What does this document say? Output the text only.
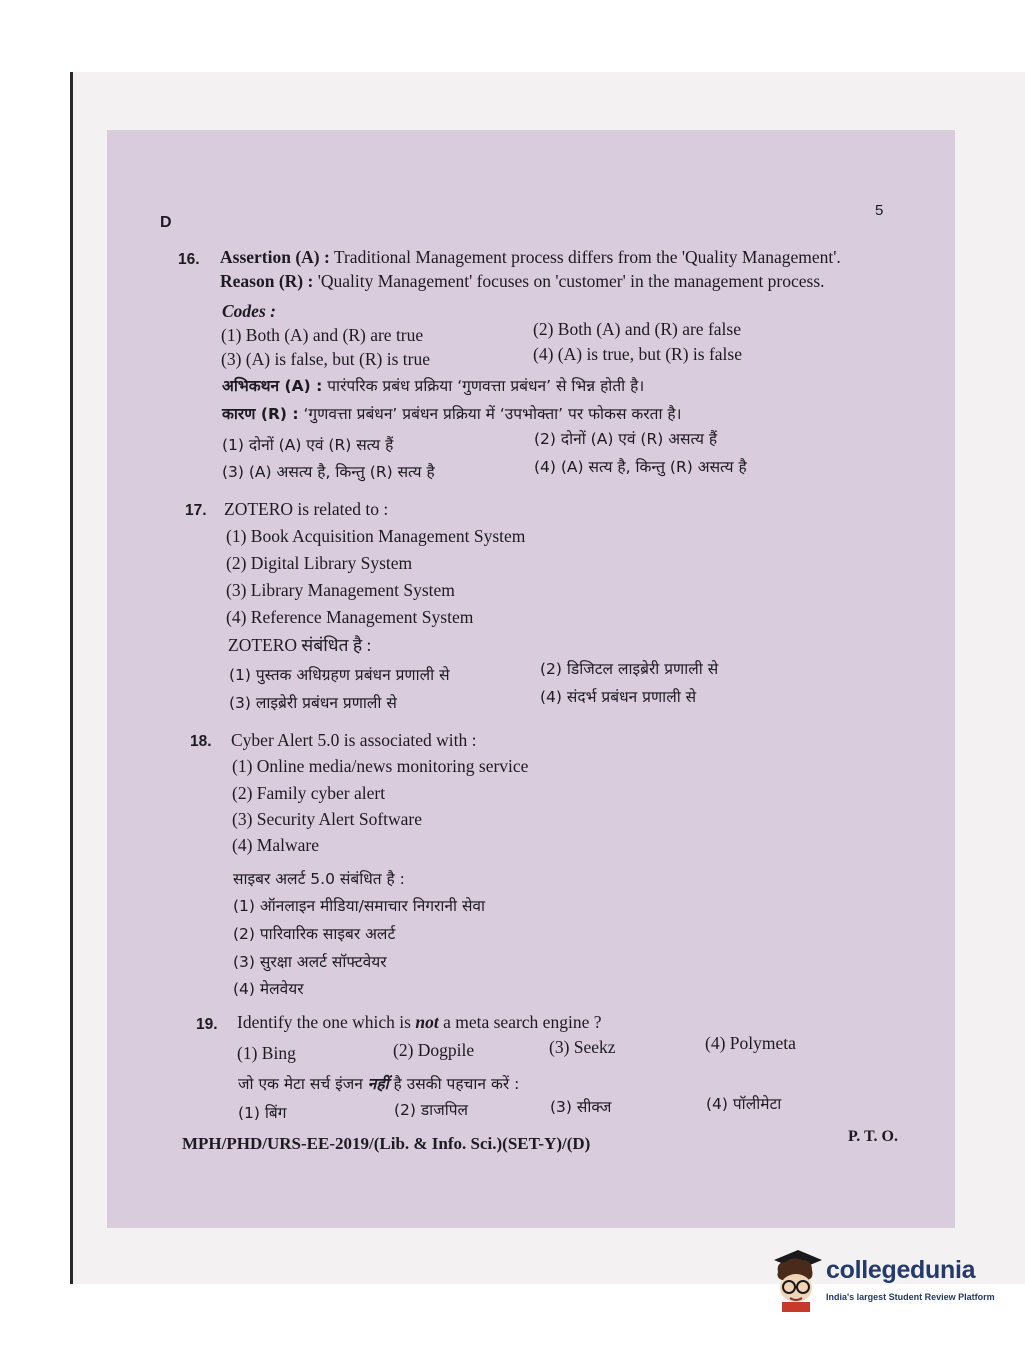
D
5
16. Assertion (A) : Traditional Management process differs from the 'Quality Management'.
Reason (R) : 'Quality Management' focuses on 'customer' in the management process.
Codes :
(1) Both (A) and (R) are true	(2) Both (A) and (R) are false
(3) (A) is false, but (R) is true	(4) (A) is true, but (R) is false
अभिकथन (A) : पारंपरिक प्रबंध प्रक्रिया ‘गुणवत्ता प्रबंधन’ से भिन्न होती है।
कारण (R) : ‘गुणवत्ता प्रबंधन’ प्रबंधन प्रक्रिया में ‘उपभोक्ता’ पर फोकस करता है।
(1) दोनों (A) एवं (R) सत्य हैं	(2) दोनों (A) एवं (R) असत्य हैं
(3) (A) असत्य है, किन्तु (R) सत्य है	(4) (A) सत्य है, किन्तु (R) असत्य है
17. ZOTERO is related to :
(1) Book Acquisition Management System
(2) Digital Library System
(3) Library Management System
(4) Reference Management System
ZOTERO संबंधित है :
(1) पुस्तक अधिग्रहण प्रबंधन प्रणाली से	(2) डिजिटल लाइब्रेरी प्रणाली से
(3) लाइब्रेरी प्रबंधन प्रणाली से	(4) संदर्भ प्रबंधन प्रणाली से
18. Cyber Alert 5.0 is associated with :
(1) Online media/news monitoring service
(2) Family cyber alert
(3) Security Alert Software
(4) Malware
साइबर अलर्ट 5.0 संबंधित है :
(1) ऑनलाइन मीडिया/समाचार निगरानी सेवा
(2) पारिवारिक साइबर अलर्ट
(3) सुरक्षा अलर्ट सॉफ्टवेयर
(4) मेलवेयर
19. Identify the one which is not a meta search engine ?
(1) Bing	(2) Dogpile	(3) Seekz	(4) Polymeta
जो एक मेटा सर्च इंजन नहीं है उसकी पहचान करें :
(1) बिंग	(2) डाजपिल	(3) सीक्ज	(4) पॉलीमेटा
MPH/PHD/URS-EE-2019/(Lib. & Info. Sci.)(SET-Y)/(D)	P. T. O.
collegedunia
India's largest Student Review Platform
